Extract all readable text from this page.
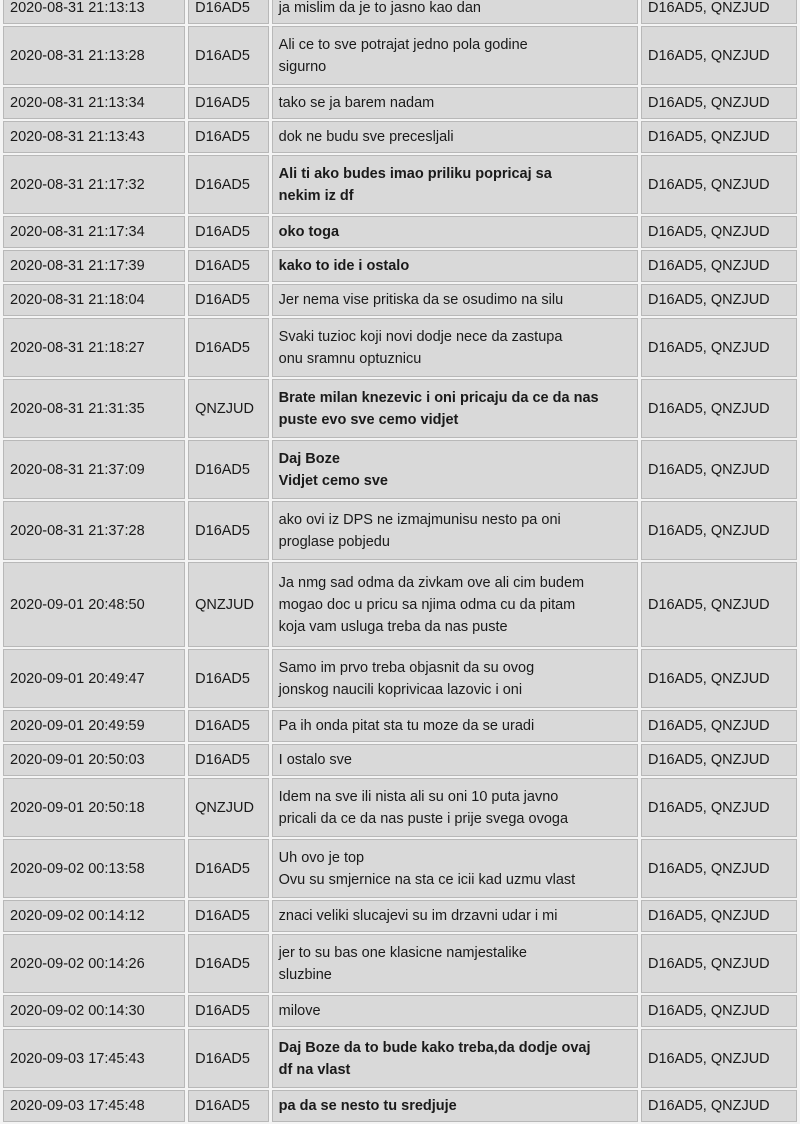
2020-08-31 21:13:13	D16AD5	ja mislim da je to jasno kao dan	D16AD5, QNZJUD
2020-08-31 21:13:28	D16AD5	Ali ce to sve potrajat jedno pola godine
sigurno	D16AD5, QNZJUD
2020-08-31 21:13:34	D16AD5	tako se ja barem nadam	D16AD5, QNZJUD
2020-08-31 21:13:43	D16AD5	dok ne budu sve precesljali	D16AD5, QNZJUD
2020-08-31 21:17:32	D16AD5	Ali ti ako budes imao priliku popricaj sa
nekim iz df	D16AD5, QNZJUD
2020-08-31 21:17:34	D16AD5	oko toga	D16AD5, QNZJUD
2020-08-31 21:17:39	D16AD5	kako to ide i ostalo	D16AD5, QNZJUD
2020-08-31 21:18:04	D16AD5	Jer nema vise pritiska da se osudimo na silu	D16AD5, QNZJUD
2020-08-31 21:18:27	D16AD5	Svaki tuzioc koji novi dodje nece da zastupa
onu sramnu optuznicu	D16AD5, QNZJUD
2020-08-31 21:31:35	QNZJUD	Brate milan knezevic i oni pricaju da ce da nas
puste evo sve cemo vidjet	D16AD5, QNZJUD
2020-08-31 21:37:09	D16AD5	Daj Boze
Vidjet cemo sve	D16AD5, QNZJUD
2020-08-31 21:37:28	D16AD5	ako ovi iz DPS ne izmajmunisu nesto pa oni
proglase pobjedu	D16AD5, QNZJUD
2020-09-01 20:48:50	QNZJUD	Ja nmg sad odma da zivkam ove ali cim budem
mogao doc u pricu sa njima odma cu da pitam
koja vam usluga treba da nas puste	D16AD5, QNZJUD
2020-09-01 20:49:47	D16AD5	Samo im prvo treba objasnit da su ovog
jonskog naucili koprivicaa lazovic i oni	D16AD5, QNZJUD
2020-09-01 20:49:59	D16AD5	Pa ih onda pitat sta tu moze da se uradi	D16AD5, QNZJUD
2020-09-01 20:50:03	D16AD5	I ostalo sve	D16AD5, QNZJUD
2020-09-01 20:50:18	QNZJUD	Idem na sve ili nista ali su oni 10 puta javno
pricali da ce da nas puste i prije svega ovoga	D16AD5, QNZJUD
2020-09-02 00:13:58	D16AD5	Uh ovo je top
Ovu su smjernice na sta ce icii kad uzmu vlast	D16AD5, QNZJUD
2020-09-02 00:14:12	D16AD5	znaci veliki slucajevi su im drzavni udar i mi	D16AD5, QNZJUD
2020-09-02 00:14:26	D16AD5	jer to su bas one klasicne namjestalike
sluzbine	D16AD5, QNZJUD
2020-09-02 00:14:30	D16AD5	milove	D16AD5, QNZJUD
2020-09-03 17:45:43	D16AD5	Daj Boze da to bude kako treba,da dodje ovaj
df na vlast	D16AD5, QNZJUD
2020-09-03 17:45:48	D16AD5	pa da se nesto tu sredjuje	D16AD5, QNZJUD
